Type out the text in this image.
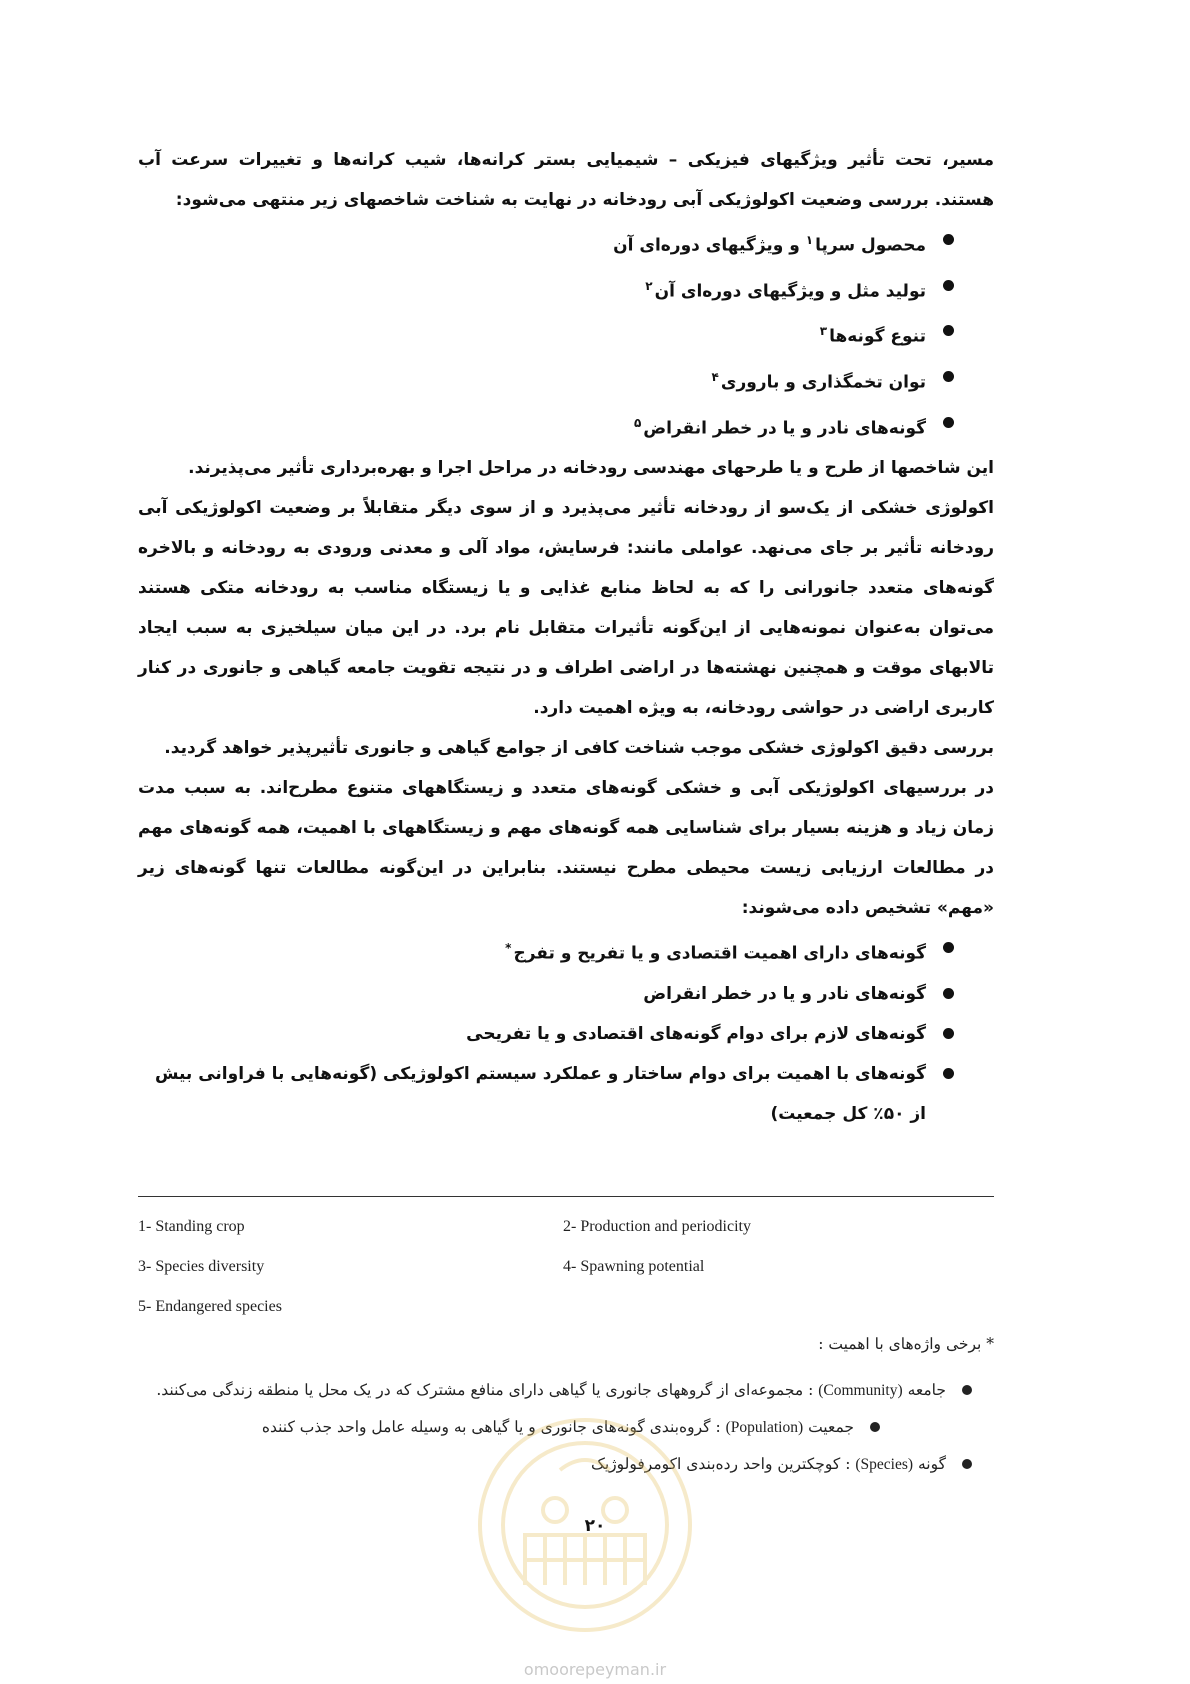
مسیر، تحت تأثیر ویژگیهای فیزیکی – شیمیایی بستر کرانه‌ها، شیب کرانه‌ها و تغییرات سرعت آب هستند. بررسی وضعیت اکولوژیکی آبی رودخانه در نهایت به شناخت شاخصهای زیر منتهی می‌شود:

محصول سرپا$^۱$ و ویژگیهای دوره‌ای آن
تولید مثل و ویژگیهای دوره‌ای آن$^۲$
تنوع گونه‌ها$^۳$
توان تخمگذاری و باروری$^۴$
گونه‌های نادر و یا در خطر انقراض$^۵$

این شاخصها از طرح و یا طرحهای مهندسی رودخانه در مراحل اجرا و بهره‌برداری تأثیر می‌پذیرند.

اکولوژی خشکی از یک‌سو از رودخانه تأثیر می‌پذیرد و از سوی دیگر متقابلاً بر وضعیت اکولوژیکی آبی رودخانه تأثیر بر جای می‌نهد. عواملی مانند: فرسایش، مواد آلی و معدنی ورودی به رودخانه و بالاخره گونه‌های متعدد جانورانی را که به لحاظ منابع غذایی و یا زیستگاه مناسب به رودخانه متکی هستند می‌توان به‌عنوان نمونه‌هایی از این‌گونه تأثیرات متقابل نام برد. در این میان سیلخیزی به سبب ایجاد تالابهای موقت و همچنین نهشته‌ها در اراضی اطراف و در نتیجه تقویت جامعه گیاهی و جانوری در کنار کاربری اراضی در حواشی رودخانه، به ویژه اهمیت دارد.

بررسی دقیق اکولوژی خشکی موجب شناخت کافی از جوامع گیاهی و جانوری تأثیرپذیر خواهد گردید.

در بررسیهای اکولوژیکی آبی و خشکی گونه‌های متعدد و زیستگاههای متنوع مطرح‌اند. به سبب مدت زمان زیاد و هزینه بسیار برای شناسایی همه گونه‌های مهم و زیستگاههای با اهمیت، همه گونه‌های مهم در مطالعات ارزیابی زیست محیطی مطرح نیستند. بنابراین در این‌گونه مطالعات تنها گونه‌های زیر «مهم» تشخیص داده می‌شوند:

گونه‌های دارای اهمیت اقتصادی و یا تفریح و تفرج*
گونه‌های نادر و یا در خطر انقراض
گونه‌های لازم برای دوام گونه‌های اقتصادی و یا تفریحی
گونه‌های با اهمیت برای دوام ساختار و عملکرد سیستم اکولوژیکی (گونه‌هایی با فراوانی بیش از ۵۰٪ کل جمعیت)
1- Standing crop	2- Production and periodicity
3- Species diversity	4- Spawning potential
5- Endangered species

* برخی واژه‌های با اهمیت :

جامعه (Community) : مجموعه‌ای از گروههای جانوری یا گیاهی دارای منافع مشترک که در یک محل یا منطقه زندگی می‌کنند.
جمعیت (Population) : گروه‌بندی گونه‌های جانوری و یا گیاهی به وسیله عامل واحد جذب کننده
گونه (Species) : کوچکترین واحد رده‌بندی اکومرفولوژیک
۲۰
omoorepeyman.ir
